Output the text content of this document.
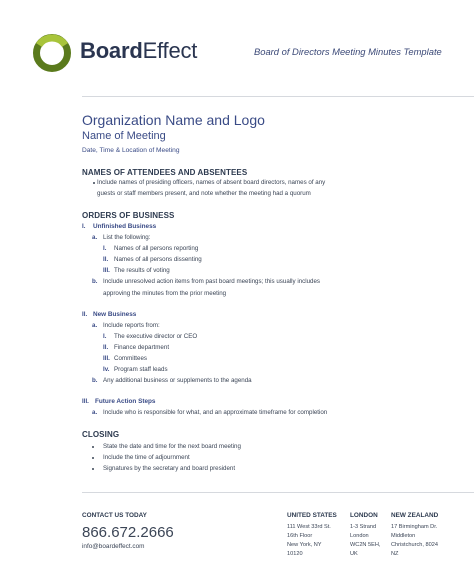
BoardEffect	Board of Directors Meeting Minutes Template
Organization Name and Logo
Name of Meeting
Date, Time & Location of Meeting
NAMES OF ATTENDEES AND ABSENTEES
Include names of presiding officers, names of absent board directors, names of any
guests or staff members present, and note whether the meeting had a quorum
ORDERS OF BUSINESS
I. Unfinished Business
a. List the following:
I. Names of all persons reporting
II. Names of all persons dissenting
III. The results of voting
b. Include unresolved action items from past board meetings; this usually includes
approving the minutes from the prior meeting
II. New Business
a. Include reports from:
I. The executive director or CEO
II. Finance department
III. Committees
Iv. Program staff leads
b. Any additional business or supplements to the agenda
III. Future Action Steps
a. Include who is responsible for what, and an approximate timeframe for completion
CLOSING
State the date and time for the next board meeting
Include the time of adjournment
Signatures by the secretary and board president
CONTACT US TODAY
866.672.2666
info@boardeffect.com
UNITED STATES
111 West 33rd St.
16th Floor
New York, NY
10120
LONDON
1-3 Strand
London
WC2N 5EH,
UK
NEW ZEALAND
17 Birmingham Dr.
Middleton
Christchurch, 8024
NZ
